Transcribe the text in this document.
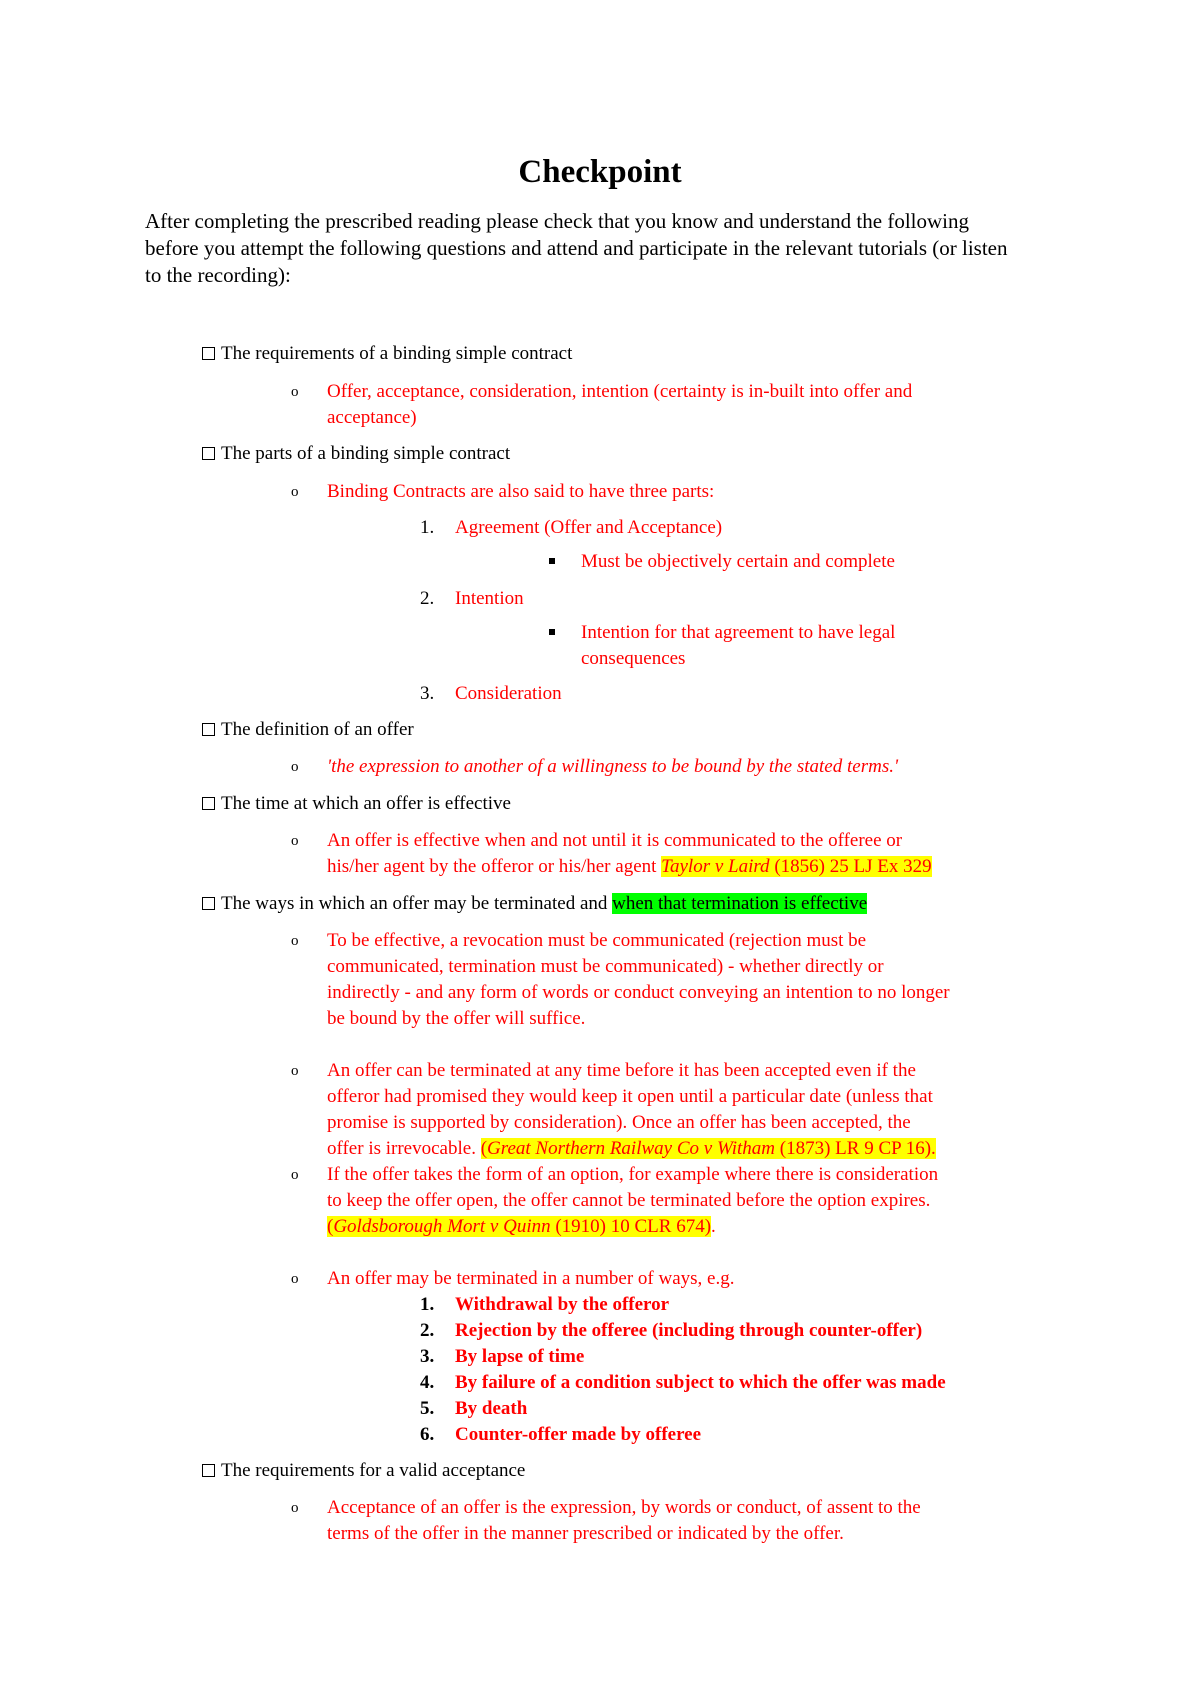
Checkpoint
After completing the prescribed reading please check that you know and understand the following before you attempt the following questions and attend and participate in the relevant tutorials (or listen to the recording):
The requirements of a binding simple contract
o Offer, acceptance, consideration, intention (certainty is in-built into offer and
acceptance)
The parts of a binding simple contract
o Binding Contracts are also said to have three parts:
1. Agreement (Offer and Acceptance)
Must be objectively certain and complete
2. Intention
Intention for that agreement to have legal
consequences
3. Consideration
The definition of an offer
o 'the expression to another of a willingness to be bound by the stated terms.'
The time at which an offer is effective
o An offer is effective when and not until it is communicated to the offeree or
his/her agent by the offeror or his/her agent Taylor v Laird (1856) 25 LJ Ex 329
The ways in which an offer may be terminated and when that termination is effective
o To be effective, a revocation must be communicated (rejection must be
communicated, termination must be communicated) - whether directly or
indirectly - and any form of words or conduct conveying an intention to no longer
be bound by the offer will suffice.
o An offer can be terminated at any time before it has been accepted even if the
offeror had promised they would keep it open until a particular date (unless that
promise is supported by consideration). Once an offer has been accepted, the
offer is irrevocable. (Great Northern Railway Co v Witham (1873) LR 9 CP 16).
o If the offer takes the form of an option, for example where there is consideration
to keep the offer open, the offer cannot be terminated before the option expires.
(Goldsborough Mort v Quinn (1910) 10 CLR 674).
o An offer may be terminated in a number of ways, e.g.
1. Withdrawal by the offeror
2. Rejection by the offeree (including through counter-offer)
3. By lapse of time
4. By failure of a condition subject to which the offer was made
5. By death
6. Counter-offer made by offeree
The requirements for a valid acceptance
o Acceptance of an offer is the expression, by words or conduct, of assent to the
terms of the offer in the manner prescribed or indicated by the offer.
